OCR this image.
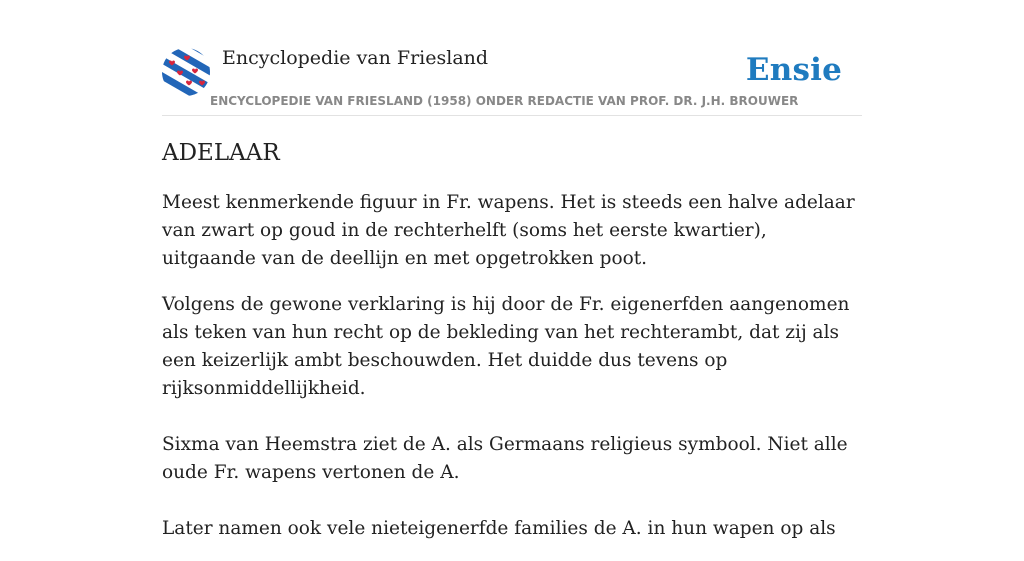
Encyclopedie van Friesland	Ensie
ENCYCLOPEDIE VAN FRIESLAND (1958) ONDER REDACTIE VAN PROF. DR. J.H. BROUWER
ADELAAR

Meest kenmerkende figuur in Fr. wapens. Het is steeds een halve adelaar van zwart op goud in de rechterhelft (soms het eerste kwartier), uitgaande van de deellijn en met opgetrokken poot.

Volgens de gewone verklaring is hij door de Fr. eigenerfden aangenomen als teken van hun recht op de bekleding van het rechterambt, dat zij als een keizerlijk ambt beschouwden. Het duidde dus tevens op rijksonmiddellijkheid.

Sixma van Heemstra ziet de A. als Germaans religieus symbool. Niet alle oude Fr. wapens vertonen de A.

Later namen ook vele nieteigenerfde families de A. in hun wapen op als
